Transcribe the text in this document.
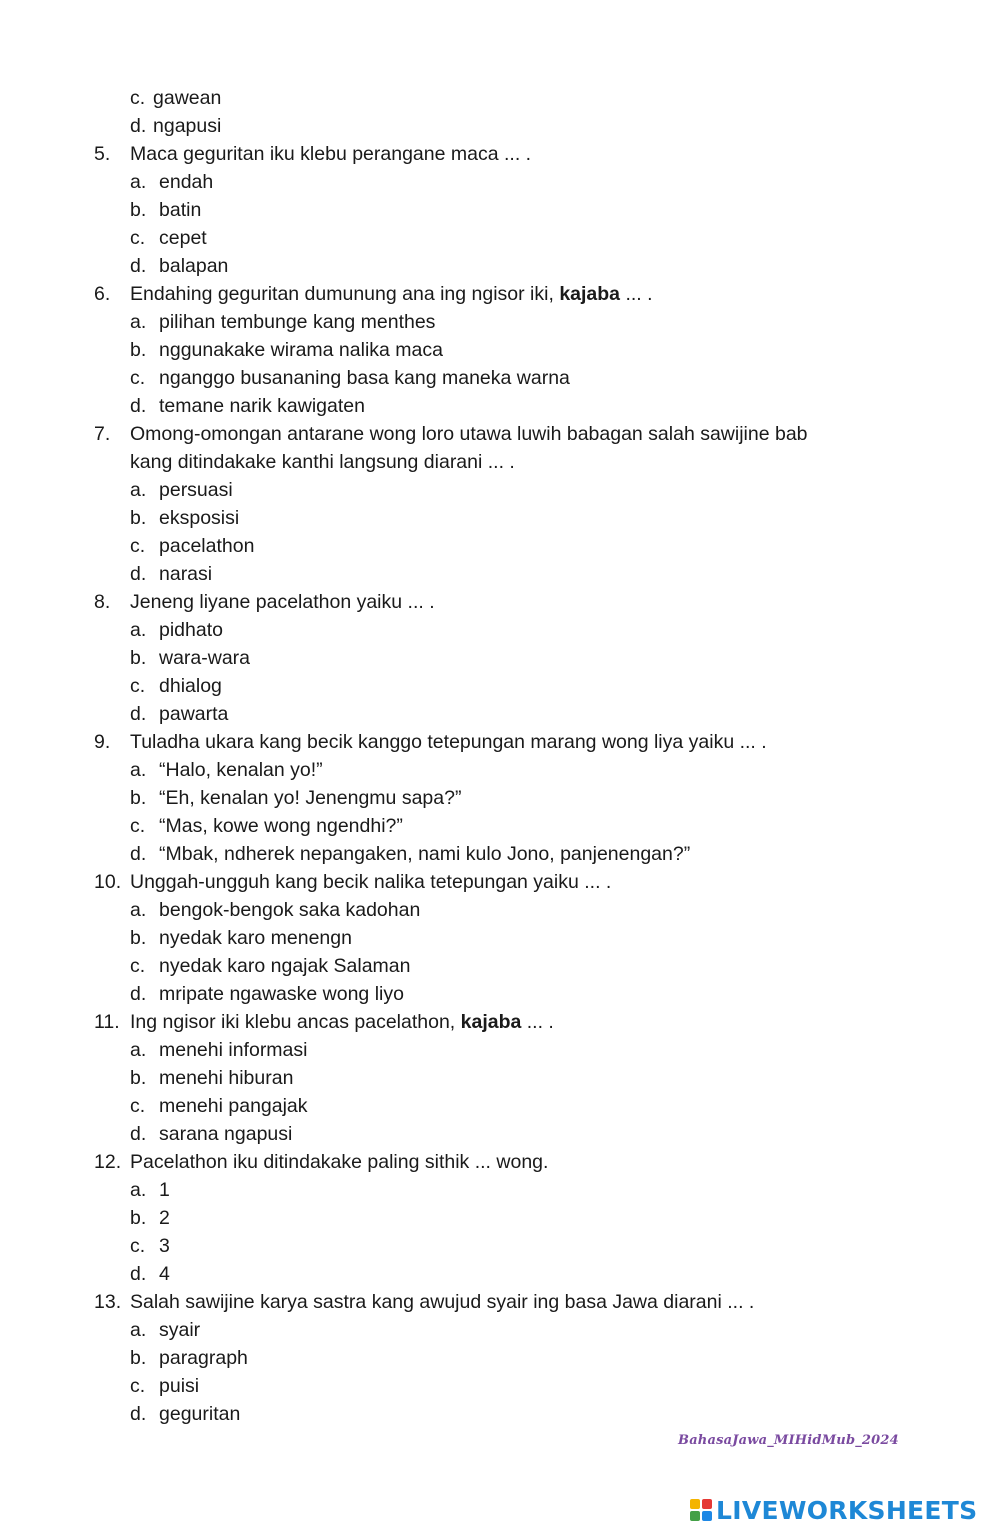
c. gawean
d. ngapusi
5. Maca geguritan iku klebu perangane maca ... .
a. endah
b. batin
c. cepet
d. balapan
6. Endahing geguritan dumunung ana ing ngisor iki, kajaba ... .
a. pilihan tembunge kang menthes
b. nggunakake wirama nalika maca
c. nganggo busananing basa kang maneka warna
d. temane narik kawigaten
7. Omong-omongan antarane wong loro utawa luwih babagan salah sawijine bab
kang ditindakake kanthi langsung diarani ... .
a. persuasi
b. eksposisi
c. pacelathon
d. narasi
8. Jeneng liyane pacelathon yaiku ... .
a. pidhato
b. wara-wara
c. dhialog
d. pawarta
9. Tuladha ukara kang becik kanggo tetepungan marang wong liya yaiku ... .
a. “Halo, kenalan yo!”
b. “Eh, kenalan yo! Jenengmu sapa?”
c. “Mas, kowe wong ngendhi?”
d. “Mbak, ndherek nepangaken, nami kulo Jono, panjenengan?”
10. Unggah-ungguh kang becik nalika tetepungan yaiku ... .
a. bengok-bengok saka kadohan
b. nyedak karo menengn
c. nyedak karo ngajak Salaman
d. mripate ngawaske wong liyo
11. Ing ngisor iki klebu ancas pacelathon, kajaba ... .
a. menehi informasi
b. menehi hiburan
c. menehi pangajak
d. sarana ngapusi
12. Pacelathon iku ditindakake paling sithik ... wong.
a. 1
b. 2
c. 3
d. 4
13. Salah sawijine karya sastra kang awujud syair ing basa Jawa diarani ... .
a. syair
b. paragraph
c. puisi
d. geguritan
BahasaJawa_MIHidMub_2024
LIVEWORKSHEETS
